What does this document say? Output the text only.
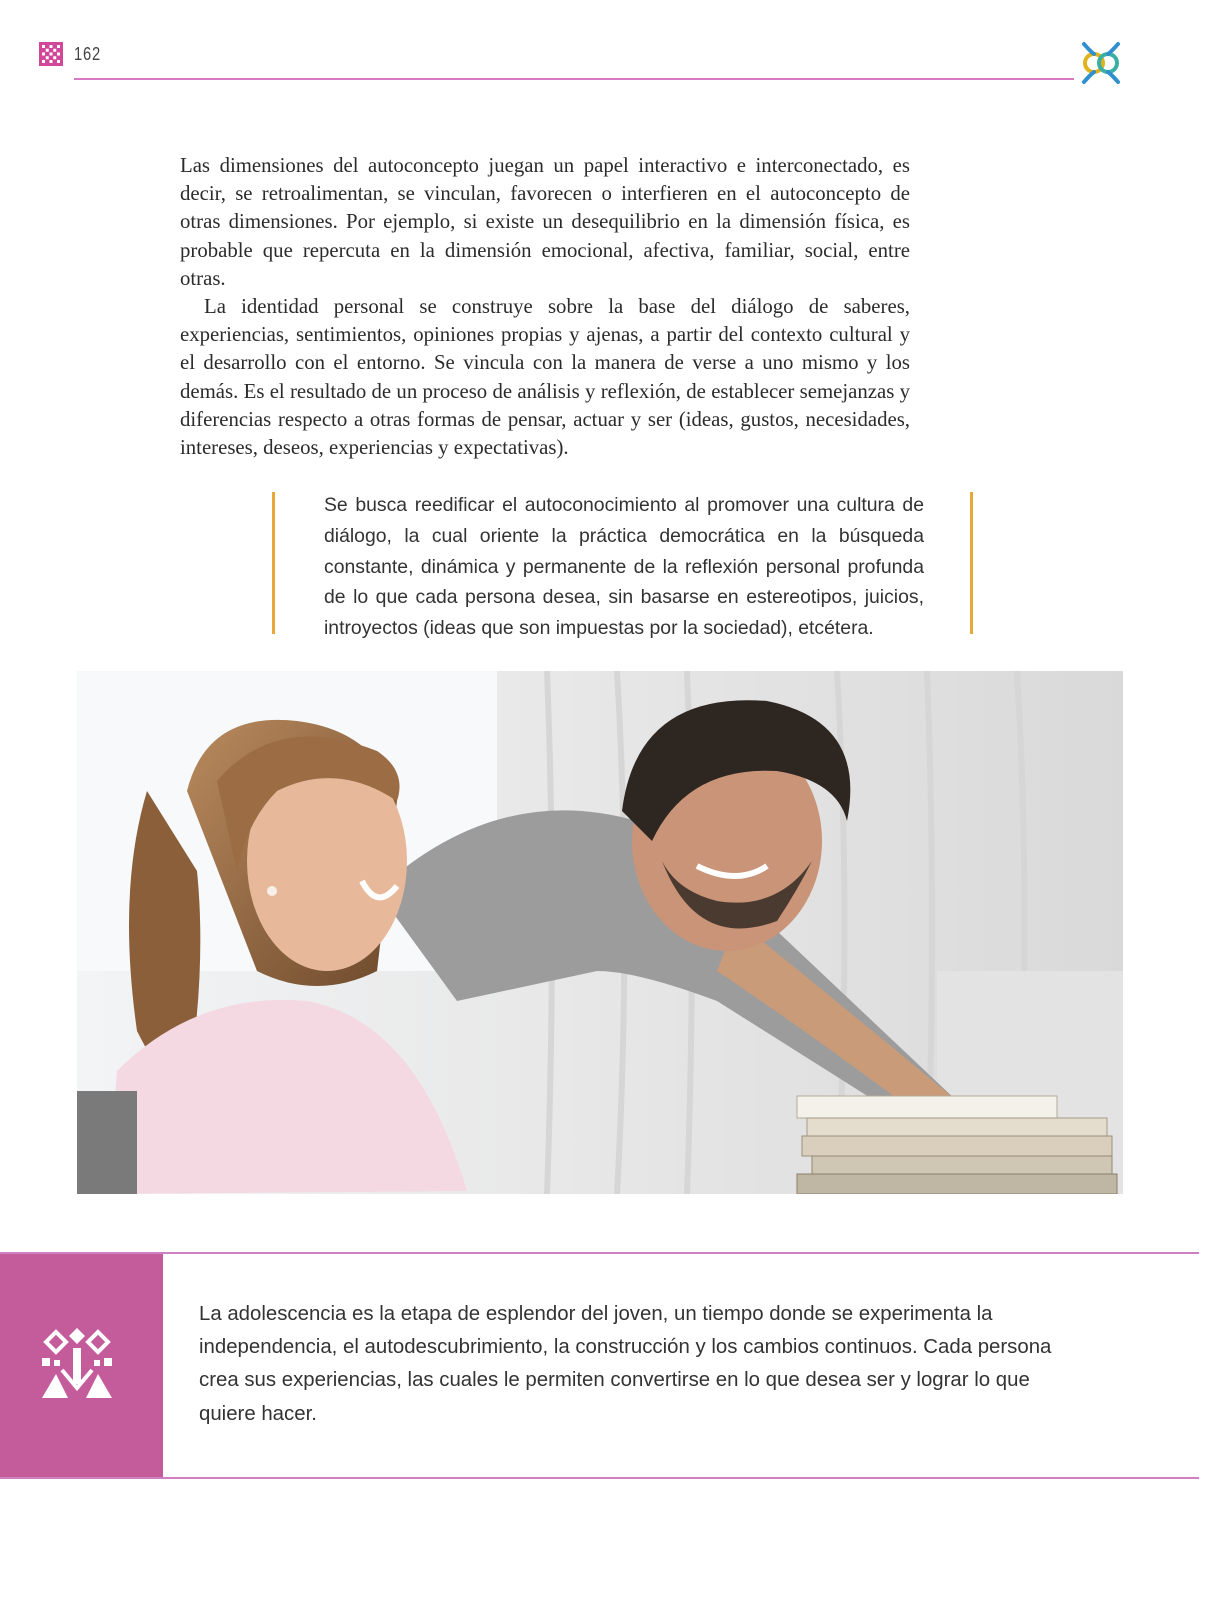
162

Las dimensiones del autoconcepto juegan un papel interactivo e interconectado, es decir, se retroalimentan, se vinculan, favorecen o interfieren en el autoconcepto de otras dimensiones. Por ejemplo, si existe un desequilibrio en la dimensión física, es probable que repercuta en la dimensión emocional, afectiva, familiar, social, entre otras.

La identidad personal se construye sobre la base del diálogo de saberes, experiencias, sentimientos, opiniones propias y ajenas, a partir del contexto cultural y el desarrollo con el entorno. Se vincula con la manera de verse a uno mismo y los demás. Es el resultado de un proceso de análisis y reflexión, de establecer semejanzas y diferencias respecto a otras formas de pensar, actuar y ser (ideas, gustos, necesidades, intereses, deseos, experiencias y expectativas).

Se busca reedificar el autoconocimiento al promover una cultura de diálogo, la cual oriente la práctica democrática en la búsqueda constante, dinámica y permanente de la reflexión personal profunda de lo que cada persona desea, sin basarse en estereotipos, juicios, introyectos (ideas que son impuestas por la sociedad), etcétera.
La adolescencia es la etapa de esplendor del joven, un tiempo donde se experimenta la independencia, el autodescubrimiento, la construcción y los cambios continuos. Cada persona crea sus experiencias, las cuales le permiten convertirse en lo que desea ser y lograr lo que quiere hacer.
